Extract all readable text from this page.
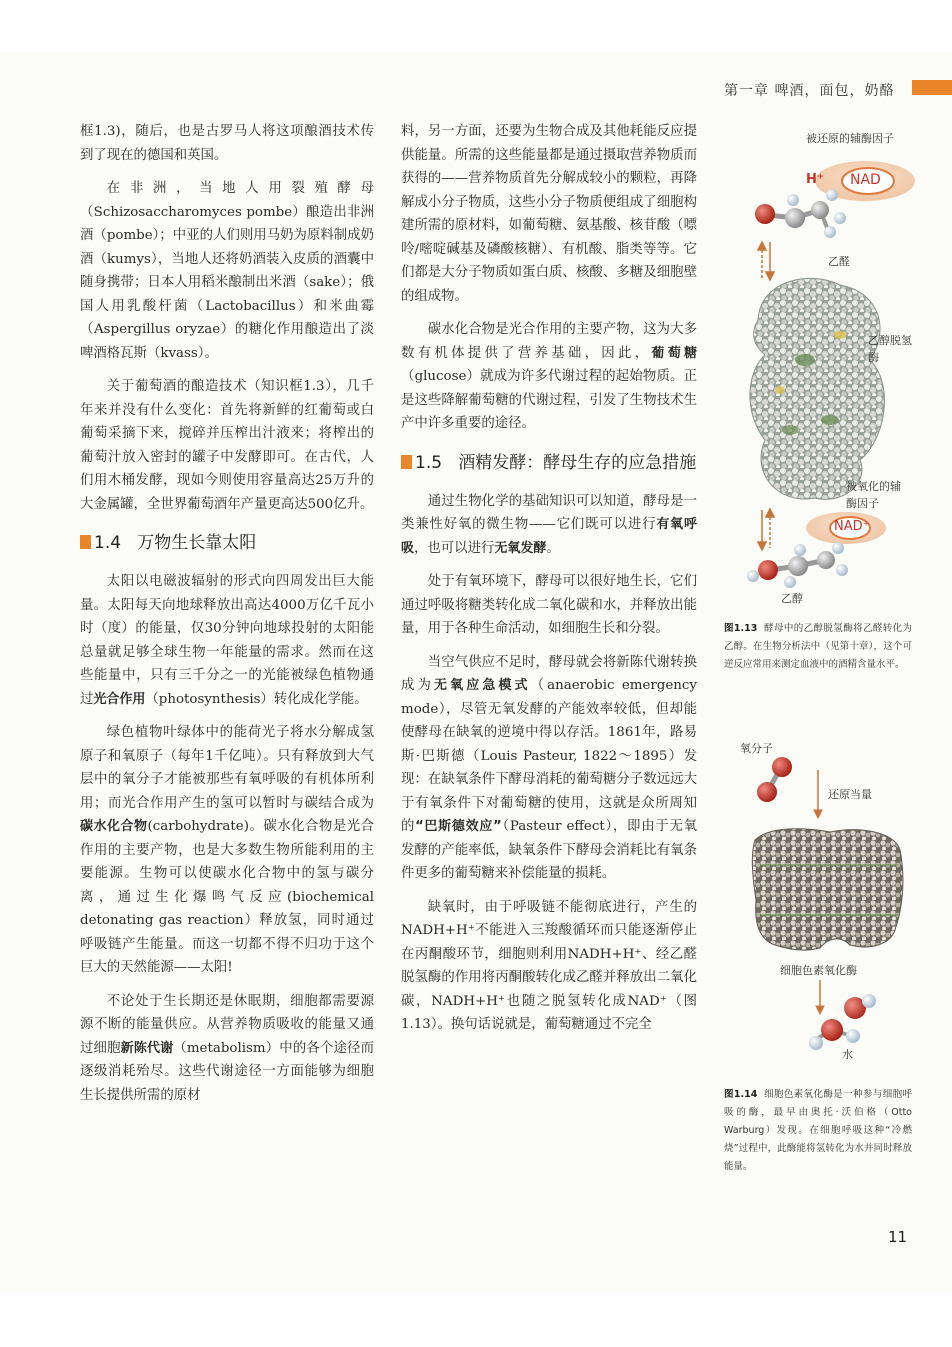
第一章 啤酒，面包，奶酪

框1.3)，随后，也是古罗马人将这项酿酒技术传到了现在的德国和英国。

在非洲，当地人用裂殖酵母（Schizosaccharomyces pombe）酿造出非洲酒（pombe）；中亚的人们则用马奶为原料制成奶酒（kumys），当地人还将奶酒装入皮质的酒囊中随身携带；日本人用稻米酿制出米酒（sake）；俄国人用乳酸杆菌（Lactobacillus）和米曲霉（Aspergillus oryzae）的糖化作用酿造出了淡啤酒格瓦斯（kvass）。

关于葡萄酒的酿造技术（知识框1.3），几千年来并没有什么变化：首先将新鲜的红葡萄或白葡萄采摘下来，搅碎并压榨出汁液来；将榨出的葡萄汁放入密封的罐子中发酵即可。在古代，人们用木桶发酵，现如今则使用容量高达25万升的大金属罐，全世界葡萄酒年产量更高达500亿升。

1.4 万物生长靠太阳

太阳以电磁波辐射的形式向四周发出巨大能量。太阳每天向地球释放出高达4000万亿千瓦小时（度）的能量，仅30分钟向地球投射的太阳能总量就足够全球生物一年能量的需求。然而在这些能量中，只有三千分之一的光能被绿色植物通过光合作用（photosynthesis）转化成化学能。

绿色植物叶绿体中的能荷光子将水分解成氢原子和氧原子（每年1千亿吨）。只有释放到大气层中的氧分子才能被那些有氧呼吸的有机体所利用；而光合作用产生的氢可以暂时与碳结合成为碳水化合物(carbohydrate)。碳水化合物是光合作用的主要产物，也是大多数生物所能利用的主要能源。生物可以使碳水化合物中的氢与碳分离，通过生化爆鸣气反应(biochemical detonating gas reaction）释放氢，同时通过呼吸链产生能量。而这一切都不得不归功于这个巨大的天然能源——太阳!

不论处于生长期还是休眠期，细胞都需要源源不断的能量供应。从营养物质吸收的能量又通过细胞新陈代谢（metabolism）中的各个途径而逐级消耗殆尽。这些代谢途径一方面能够为细胞生长提供所需的原材

料，另一方面，还要为生物合成及其他耗能反应提供能量。所需的这些能量都是通过摄取营养物质而获得的——营养物质首先分解成较小的颗粒，再降解成小分子物质，这些小分子物质便组成了细胞构建所需的原材料，如葡萄糖、氨基酸、核苷酸（嘌呤/嘧啶碱基及磷酸核糖）、有机酸、脂类等等。它们都是大分子物质如蛋白质、核酸、多糖及细胞壁的组成物。

碳水化合物是光合作用的主要产物，这为大多数有机体提供了营养基础，因此，葡萄糖（glucose）就成为许多代谢过程的起始物质。正是这些降解葡萄糖的代谢过程，引发了生物技术生产中许多重要的途径。

1.5 酒精发酵：酵母生存的应急措施

通过生物化学的基础知识可以知道，酵母是一类兼性好氧的微生物——它们既可以进行有氧呼吸，也可以进行无氧发酵。

处于有氧环境下，酵母可以很好地生长，它们通过呼吸将糖类转化成二氧化碳和水，并释放出能量，用于各种生命活动，如细胞生长和分裂。

当空气供应不足时，酵母就会将新陈代谢转换成为无氧应急模式（anaerobic emergency mode），尽管无氧发酵的产能效率较低，但却能使酵母在缺氧的逆境中得以存活。1861年，路易斯·巴斯德（Louis Pasteur, 1822～1895）发现：在缺氧条件下酵母消耗的葡萄糖分子数远远大于有氧条件下对葡萄糖的使用，这就是众所周知的“巴斯德效应”（Pasteur effect），即由于无氧发酵的产能率低，缺氧条件下酵母会消耗比有氧条件更多的葡萄糖来补偿能量的损耗。

缺氧时，由于呼吸链不能彻底进行，产生的NADH+H⁺不能进入三羧酸循环而只能逐渐停止在丙酮酸环节，细胞则利用NADH+H⁺、经乙醛脱氢酶的作用将丙酮酸转化成乙醛并释放出二氧化碳，NADH+H⁺也随之脱氢转化成NAD⁺（图1.13）。换句话说就是，葡萄糖通过不完全

被还原的辅酶因子
H⁺ NAD
乙醛
乙醇脱氢酶
被氧化的辅酶因子
NAD⁺
乙醇
图1.13 酵母中的乙醇脱氢酶将乙醛转化为乙醇。在生物分析法中（见第十章），这个可逆反应常用来测定血液中的酒精含量水平。
氧分子
还原当量
细胞色素氧化酶
水
图1.14 细胞色素氧化酶是一种参与细胞呼吸的酶，最早由奥托·沃伯格（Otto Warburg）发现。在细胞呼吸这种“冷燃烧”过程中，此酶能将氢转化为水并同时释放能量。
11
